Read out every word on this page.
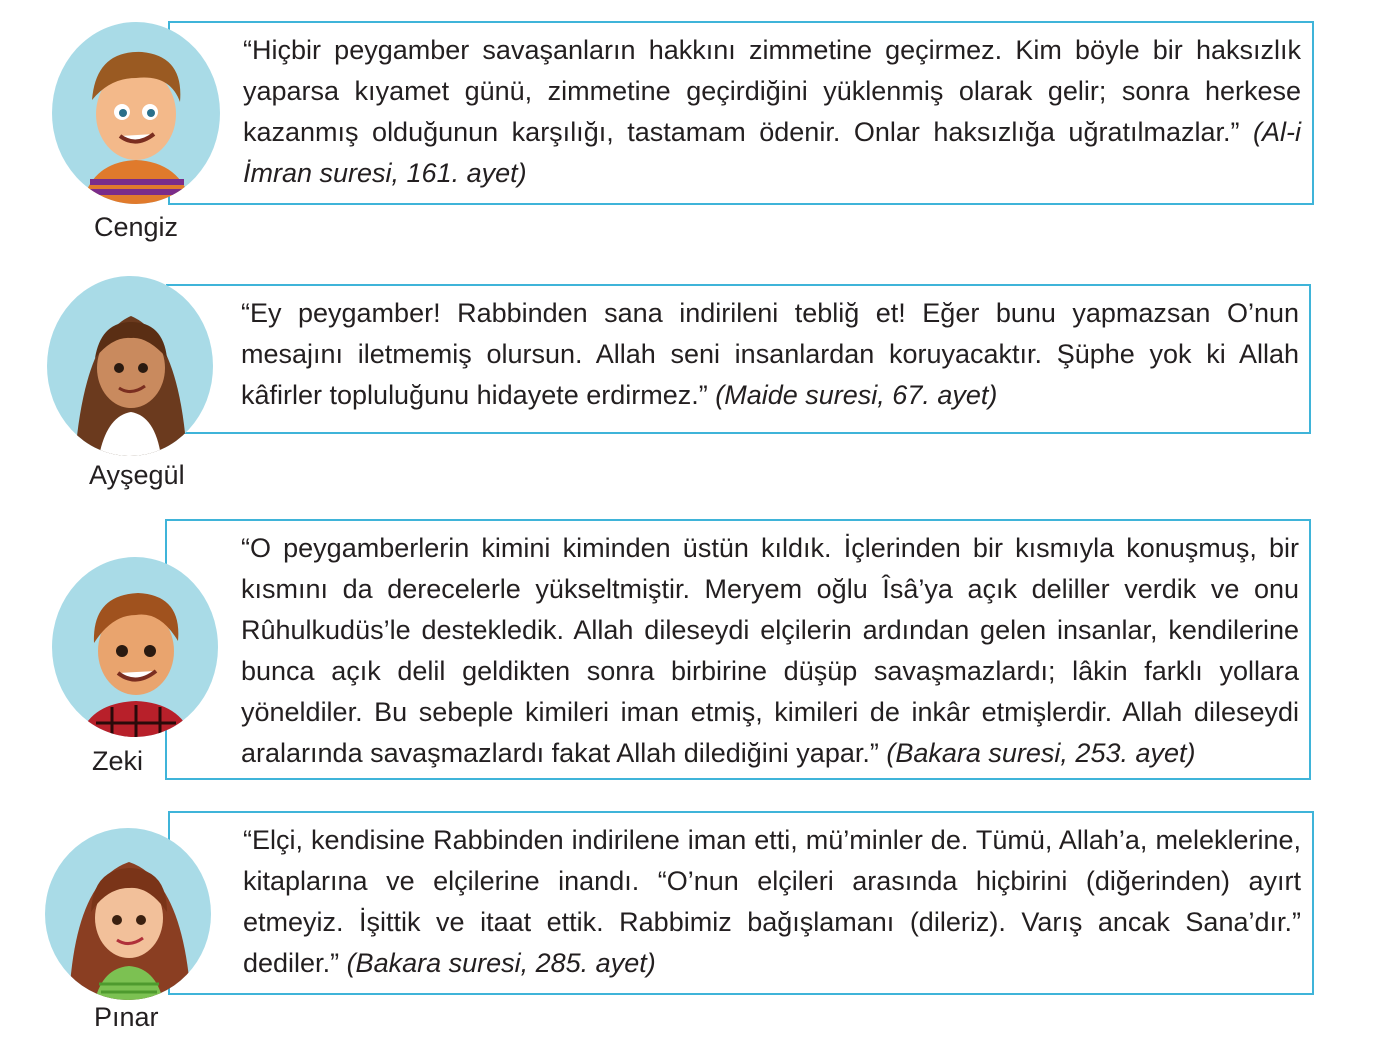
“Hiçbir peygamber savaşanların hakkını zimmetine geçirmez. Kim böyle bir haksızlık yaparsa kıyamet günü, zimmetine geçirdiğini yüklenmiş olarak gelir; sonra herkese kazanmış olduğunun karşılığı, tastamam ödenir. Onlar haksızlığa uğratılmazlar.” (Al-i İmran suresi, 161. ayet)
Cengiz
“Ey peygamber! Rabbinden sana indirileni tebliğ et! Eğer bunu yapmazsan O’nun mesajını iletmemiş olursun. Allah seni insanlardan koruyacaktır. Şüphe yok ki Allah kâfirler topluluğunu hidayete erdirmez.” (Maide suresi, 67. ayet)
Ayşegül
“O peygamberlerin kimini kiminden üstün kıldık. İçlerinden bir kısmıyla konuşmuş, bir kısmını da derecelerle yükseltmiştir. Meryem oğlu Îsâ’ya açık deliller verdik ve onu Rûhulkudüs’le destekledik. Allah dileseydi elçilerin ardından gelen insanlar, kendilerine bunca açık delil geldikten sonra birbirine düşüp savaşmazlardı; lâkin farklı yollara yöneldiler. Bu sebeple kimileri iman etmiş, kimileri de inkâr etmişlerdir. Allah dileseydi aralarında savaşmazlardı fakat Allah dilediğini yapar.” (Bakara suresi, 253. ayet)
Zeki
“Elçi, kendisine Rabbinden indirilene iman etti, mü’minler de. Tümü, Allah’a, meleklerine, kitaplarına ve elçilerine inandı. “O’nun elçileri arasında hiçbirini (diğerinden) ayırt etmeyiz. İşittik ve itaat ettik. Rabbimiz bağışlamanı (dileriz). Varış ancak Sana’dır.” dediler.” (Bakara suresi, 285. ayet)
Pınar
